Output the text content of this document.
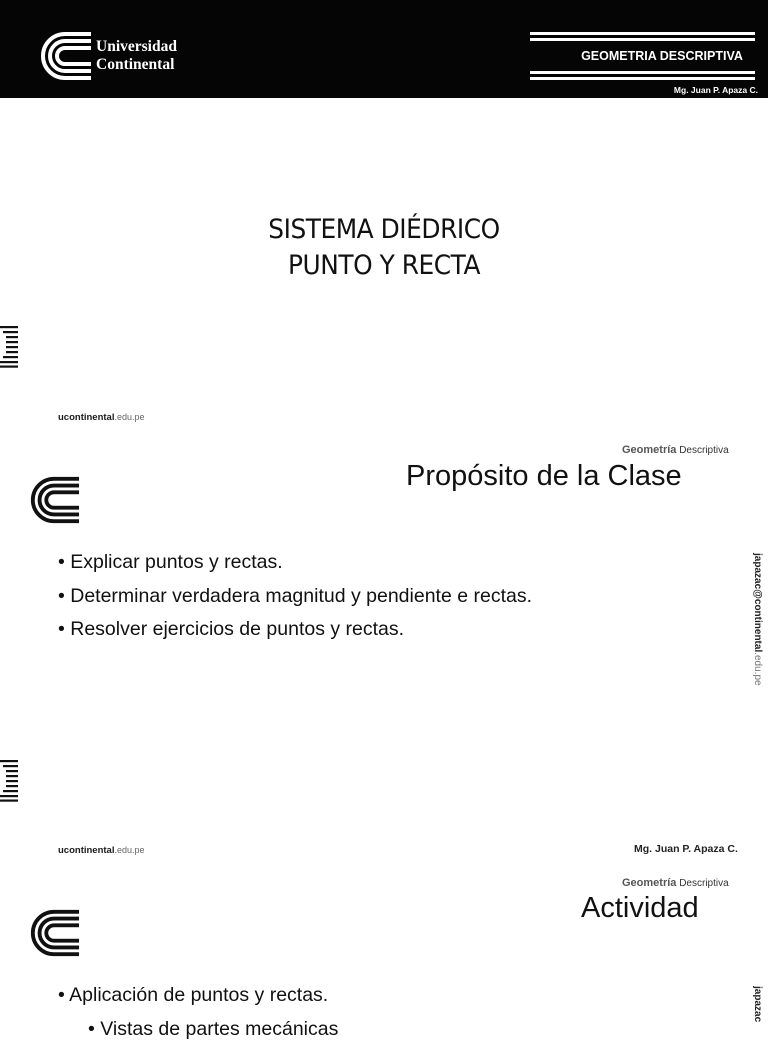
Universidad
Continental	GEOMETRIA DESCRIPTIVA
Mg. Juan P. Apaza C.
SISTEMA DIÉDRICO
PUNTO Y RECTA
ucontinental.edu.pe
Geometría Descriptiva
Propósito de la Clase
• Explicar puntos y rectas.
• Determinar verdadera magnitud y pendiente e rectas.
• Resolver ejercicios de puntos y rectas.	japazac@continental.edu.pe
ucontinental.edu.pe	Mg. Juan P. Apaza C.
Geometría Descriptiva
Actividad
• Aplicación de puntos y rectas.
• Vistas de partes mecánicas
japazac
